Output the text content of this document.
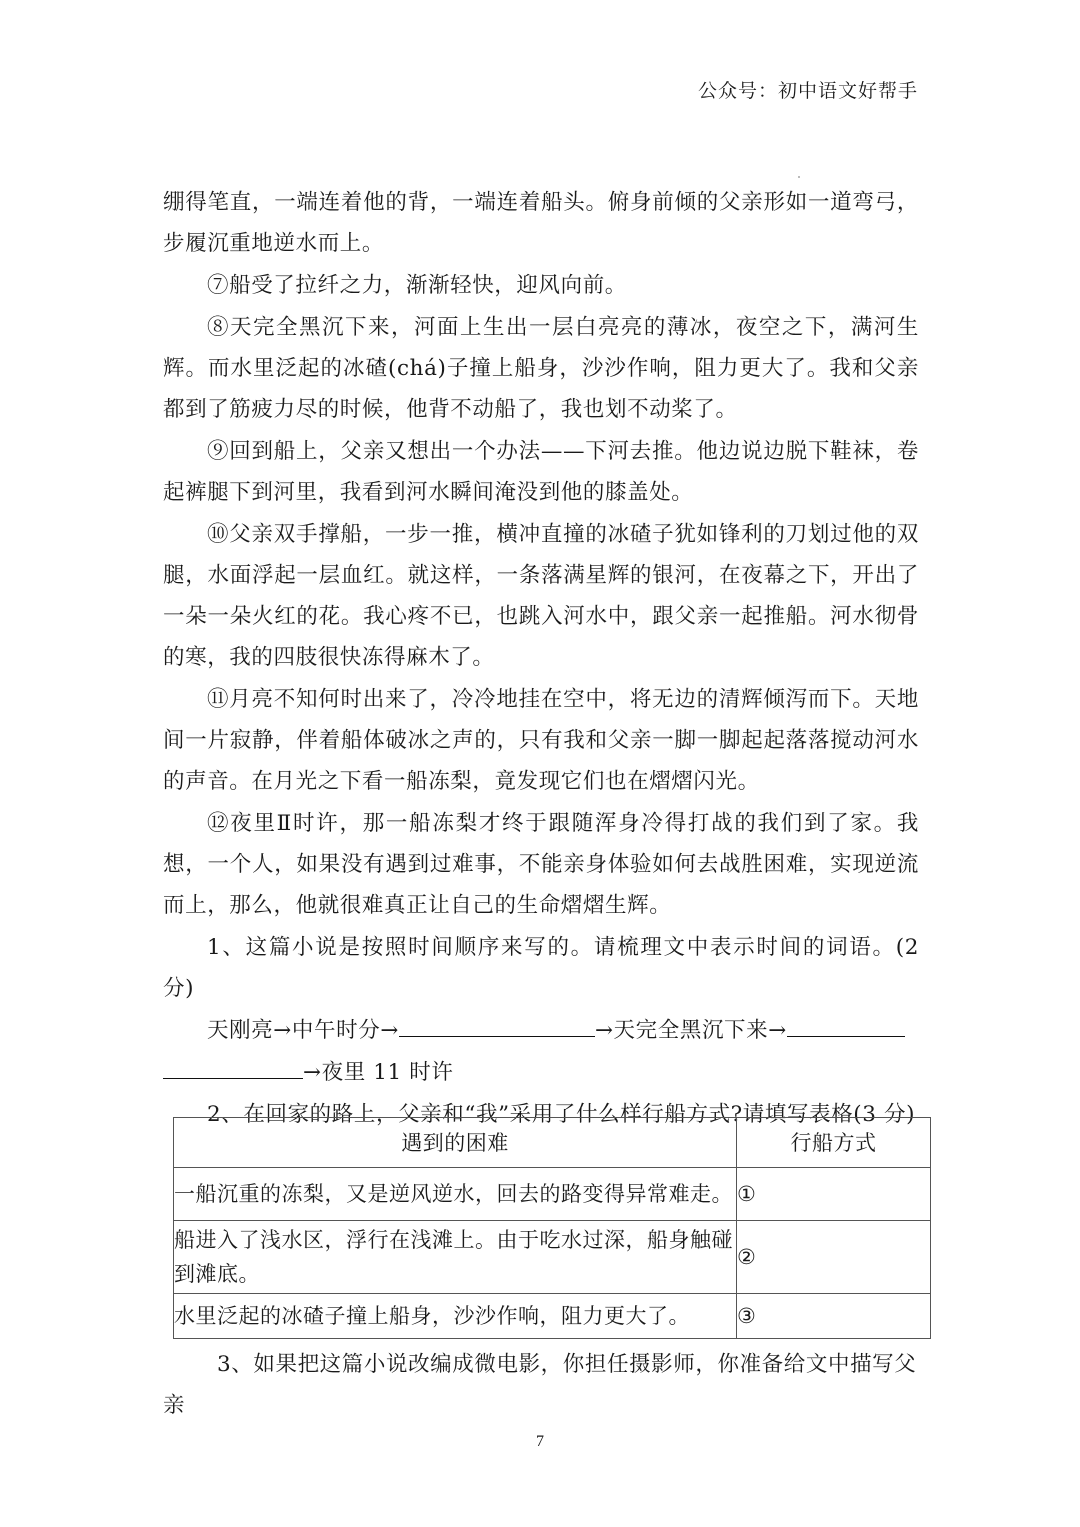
公众号：初中语文好帮手

绷得笔直，一端连着他的背，一端连着船头。俯身前倾的父亲形如一道弯弓，步履沉重地逆水而上。

⑦船受了拉纤之力，渐渐轻快，迎风向前。

⑧天完全黑沉下来，河面上生出一层白亮亮的薄冰，夜空之下，满河生辉。而水里泛起的冰碴(chá)子撞上船身，沙沙作响，阻力更大了。我和父亲都到了筋疲力尽的时候，他背不动船了，我也划不动桨了。

⑨回到船上，父亲又想出一个办法——下河去推。他边说边脱下鞋袜，卷起裤腿下到河里，我看到河水瞬间淹没到他的膝盖处。

⑩父亲双手撑船，一步一推，横冲直撞的冰碴子犹如锋利的刀划过他的双腿，水面浮起一层血红。就这样，一条落满星辉的银河，在夜幕之下，开出了一朵一朵火红的花。我心疼不已，也跳入河水中，跟父亲一起推船。河水彻骨的寒，我的四肢很快冻得麻木了。

⑪月亮不知何时出来了，冷冷地挂在空中，将无边的清辉倾泻而下。天地间一片寂静，伴着船体破冰之声的，只有我和父亲一脚一脚起起落落搅动河水的声音。在月光之下看一船冻梨，竟发现它们也在熠熠闪光。

⑫夜里Ⅱ时许，那一船冻梨才终于跟随浑身冷得打战的我们到了家。我想，一个人，如果没有遇到过难事，不能亲身体验如何去战胜困难，实现逆流而上，那么，他就很难真正让自己的生命熠熠生辉。

1、这篇小说是按照时间顺序来写的。请梳理文中表示时间的词语。(2 分)

天刚亮→中午时分→	→天完全黑沉下来→

→夜里 11 时许

2、在回家的路上，父亲和“我”采用了什么样行船方式?请填写表格(3 分)

遇到的困难	行船方式
一船沉重的冻梨，又是逆风逆水，回去的路变得异常难走。	①
船进入了浅水区，浮行在浅滩上。由于吃水过深，船身触碰到滩底。	②
水里泛起的冰碴子撞上船身，沙沙作响，阻力更大了。	③
3、如果把这篇小说改编成微电影，你担任摄影师，你准备给文中描写父亲
7
